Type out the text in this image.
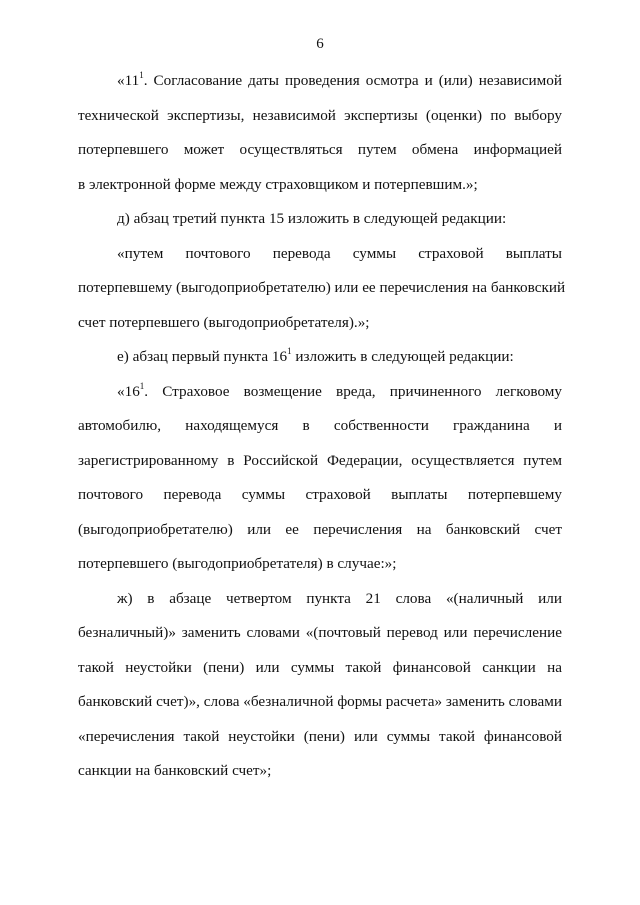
6

«$11^1$. Согласование даты проведения осмотра и (или) независимой
технической экспертизы, независимой экспертизы (оценки) по выбору
потерпевшего может осуществляться путем обмена информацией
в электронной форме между страховщиком и потерпевшим.»;

д) абзац третий пункта 15 изложить в следующей редакции:

«путем почтового перевода суммы страховой выплаты
потерпевшему (выгодоприобретателю) или ее перечисления на банковский
счет потерпевшего (выгодоприобретателя).»;

е) абзац первый пункта $16^1$ изложить в следующей редакции:

«$16^1$. Страховое возмещение вреда, причиненного легковому
автомобилю, находящемуся в собственности гражданина и
зарегистрированному в Российской Федерации, осуществляется путем
почтового перевода суммы страховой выплаты потерпевшему
(выгодоприобретателю) или ее перечисления на банковский счет
потерпевшего (выгодоприобретателя) в случае:»;

ж) в абзаце четвертом пункта 21 слова «(наличный или
безналичный)» заменить словами «(почтовый перевод или перечисление
такой неустойки (пени) или суммы такой финансовой санкции на
банковский счет)», слова «безналичной формы расчета» заменить словами
«перечисления такой неустойки (пени) или суммы такой финансовой
санкции на банковский счет»;
